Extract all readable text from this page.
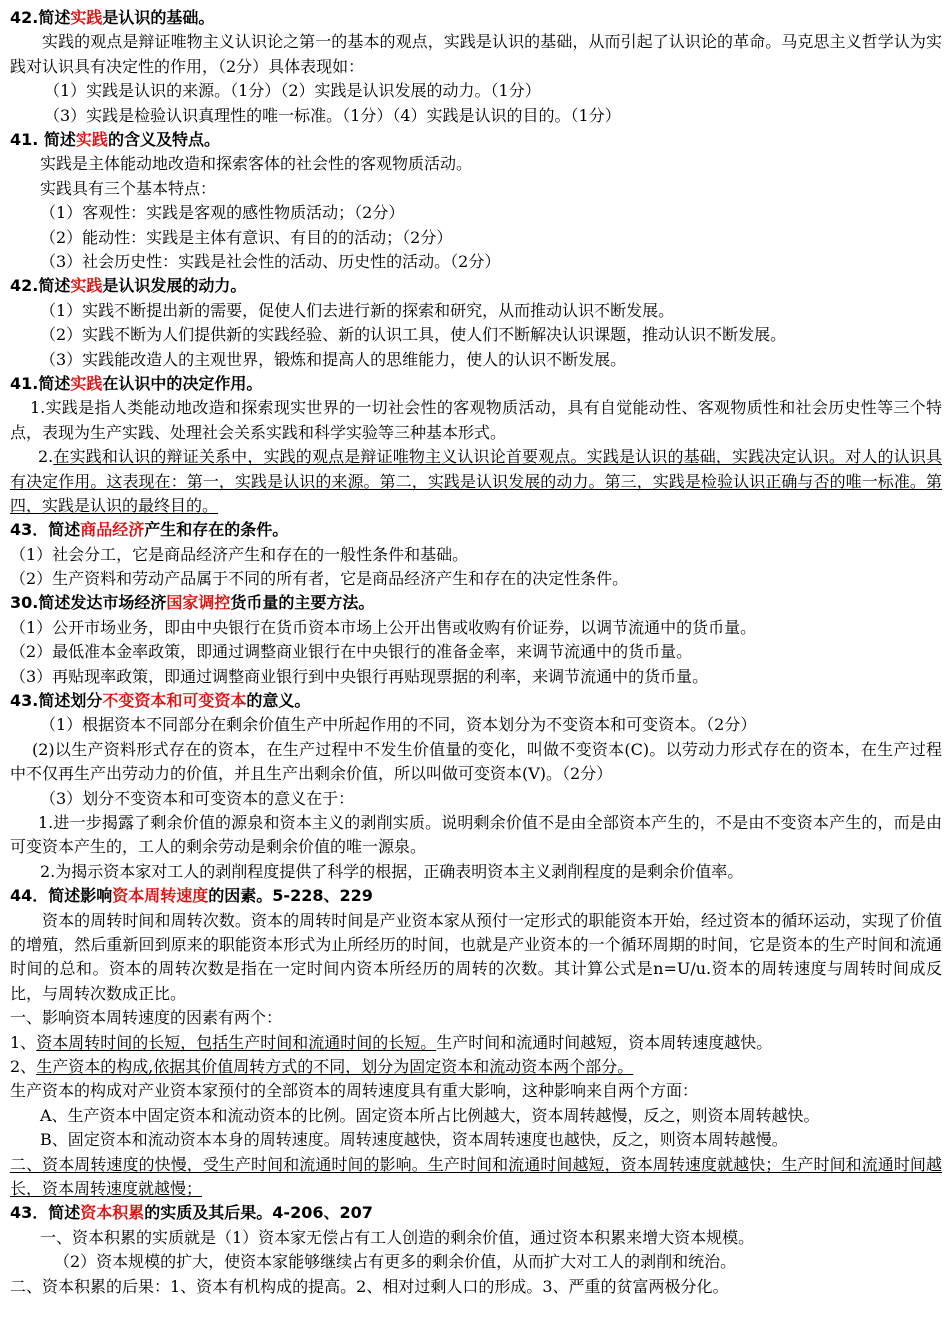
42.简述实践是认识的基础。
实践的观点是辩证唯物主义认识论之第一的基本的观点，实践是认识的基础，从而引起了认识论的革命。马克思主义哲学认为实践对认识具有决定性的作用，（2分）具体表现如：
（1）实践是认识的来源。（1分）（2）实践是认识发展的动力。（1分）
（3）实践是检验认识真理性的唯一标准。（1分）（4）实践是认识的目的。（1分）
41. 简述实践的含义及特点。
实践是主体能动地改造和探索客体的社会性的客观物质活动。
实践具有三个基本特点：
（1）客观性：实践是客观的感性物质活动；（2分）
（2）能动性：实践是主体有意识、有目的的活动；（2分）
（3）社会历史性：实践是社会性的活动、历史性的活动。（2分）
42.简述实践是认识发展的动力。
（1）实践不断提出新的需要，促使人们去进行新的探索和研究，从而推动认识不断发展。
（2）实践不断为人们提供新的实践经验、新的认识工具，使人们不断解决认识课题，推动认识不断发展。
（3）实践能改造人的主观世界，锻炼和提高人的思维能力，使人的认识不断发展。
41.简述实践在认识中的决定作用。
1.实践是指人类能动地改造和探索现实世界的一切社会性的客观物质活动，具有自觉能动性、客观物质性和社会历史性等三个特点，表现为生产实践、处理社会关系实践和科学实验等三种基本形式。
2.在实践和认识的辩证关系中，实践的观点是辩证唯物主义认识论首要观点。实践是认识的基础，实践决定认识。对人的认识具有决定作用。这表现在：第一，实践是认识的来源。第二，实践是认识发展的动力。第三，实践是检验认识正确与否的唯一标准。第四，实践是认识的最终目的。
43．简述商品经济产生和存在的条件。
（1）社会分工，它是商品经济产生和存在的一般性条件和基础。
（2）生产资料和劳动产品属于不同的所有者，它是商品经济产生和存在的决定性条件。
30.简述发达市场经济国家调控货币量的主要方法。
（1）公开市场业务，即由中央银行在货币资本市场上公开出售或收购有价证券，以调节流通中的货币量。
（2）最低准本金率政策，即通过调整商业银行在中央银行的准备金率，来调节流通中的货币量。
（3）再贴现率政策，即通过调整商业银行到中央银行再贴现票据的利率，来调节流通中的货币量。
43.简述划分不变资本和可变资本的意义。
（1）根据资本不同部分在剩余价值生产中所起作用的不同，资本划分为不变资本和可变资本。（2分）
(2)以生产资料形式存在的资本，在生产过程中不发生价值量的变化，叫做不变资本(C)。以劳动力形式存在的资本，在生产过程中不仅再生产出劳动力的价值，并且生产出剩余价值，所以叫做可变资本(V)。（2分）
（3）划分不变资本和可变资本的意义在于：
1.进一步揭露了剩余价值的源泉和资本主义的剥削实质。说明剩余价值不是由全部资本产生的，不是由不变资本产生的，而是由可变资本产生的，工人的剩余劳动是剩余价值的唯一源泉。
2.为揭示资本家对工人的剥削程度提供了科学的根据，正确表明资本主义剥削程度的是剩余价值率。
44．简述影响资本周转速度的因素。5-228、229
资本的周转时间和周转次数。资本的周转时间是产业资本家从预付一定形式的职能资本开始，经过资本的循环运动，实现了价值的增殖，然后重新回到原来的职能资本形式为止所经历的时间，也就是产业资本的一个循环周期的时间，它是资本的生产时间和流通时间的总和。资本的周转次数是指在一定时间内资本所经历的周转的次数。其计算公式是n=U/u.资本的周转速度与周转时间成反比，与周转次数成正比。
一、影响资本周转速度的因素有两个：
1、资本周转时间的长短，包括生产时间和流通时间的长短。生产时间和流通时间越短，资本周转速度越快。
2、生产资本的构成,依据其价值周转方式的不同，划分为固定资本和流动资本两个部分。
生产资本的构成对产业资本家预付的全部资本的周转速度具有重大影响，这种影响来自两个方面：
A、生产资本中固定资本和流动资本的比例。固定资本所占比例越大，资本周转越慢，反之，则资本周转越快。
B、固定资本和流动资本本身的周转速度。周转速度越快，资本周转速度也越快，反之，则资本周转越慢。
二、资本周转速度的快慢，受生产时间和流通时间的影响。生产时间和流通时间越短，资本周转速度就越快；生产时间和流通时间越长，资本周转速度就越慢；
43．简述资本积累的实质及其后果。4-206、207
一、资本积累的实质就是（1）资本家无偿占有工人创造的剩余价值，通过资本积累来增大资本规模。
（2）资本规模的扩大，使资本家能够继续占有更多的剩余价值，从而扩大对工人的剥削和统治。
二、资本积累的后果：1、资本有机构成的提高。2、相对过剩人口的形成。3、严重的贫富两极分化。
